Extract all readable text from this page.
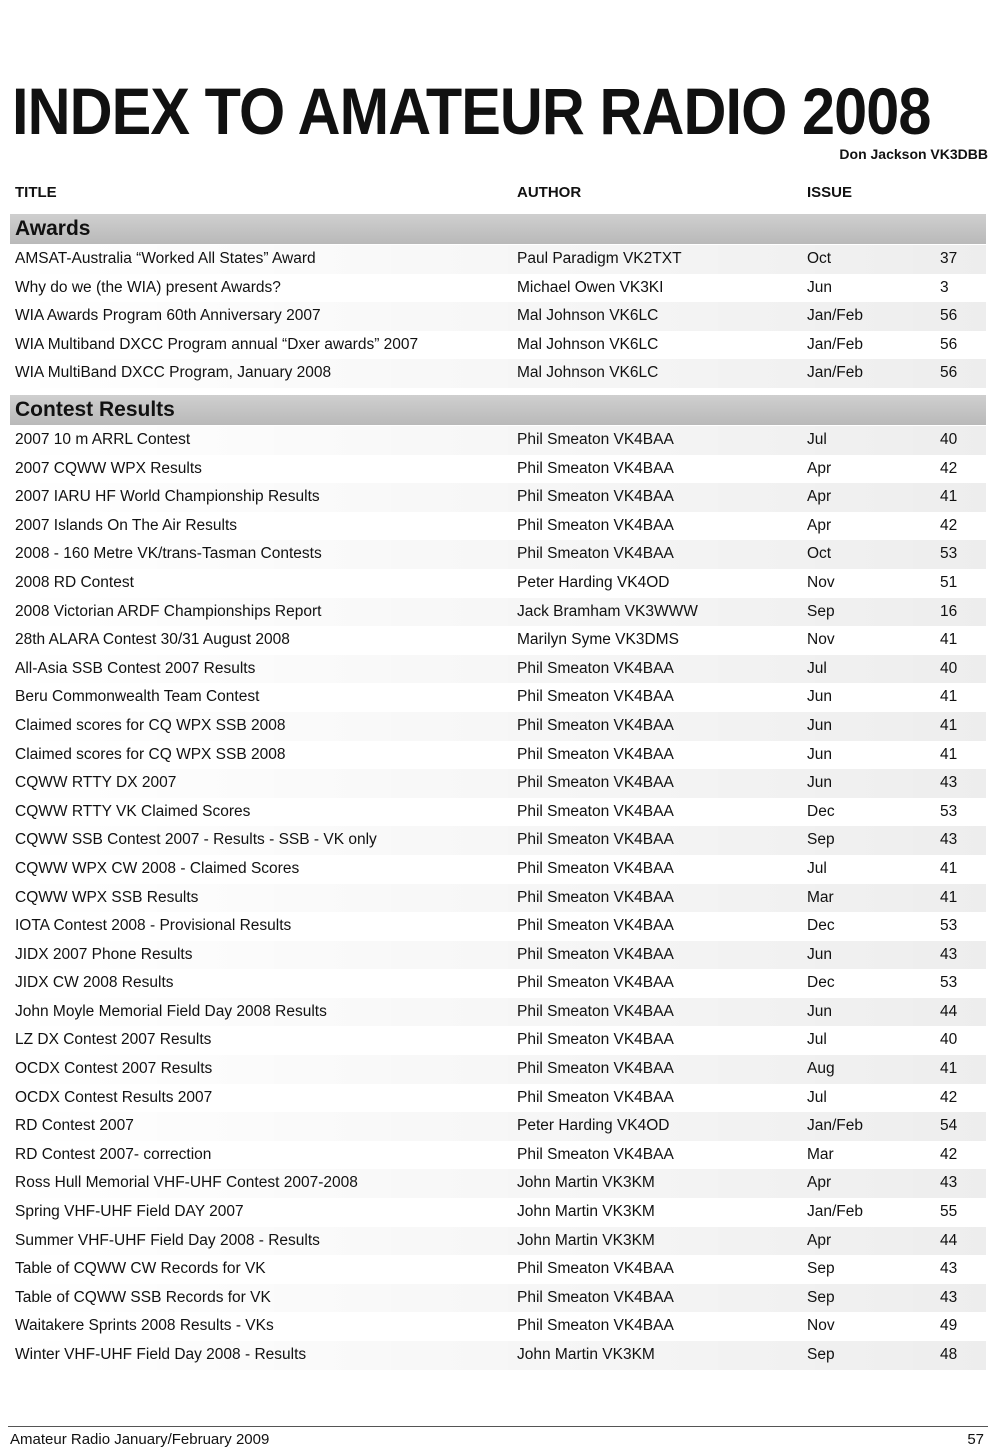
INDEX TO AMATEUR RADIO 2008
Don Jackson VK3DBB
TITLE	AUTHOR	ISSUE
Awards
AMSAT-Australia “Worked All States” Award	Paul Paradigm VK2TXT	Oct	37
Why do we (the WIA) present Awards?	Michael Owen VK3KI	Jun	3
WIA Awards Program 60th Anniversary 2007	Mal Johnson VK6LC	Jan/Feb	56
WIA Multiband DXCC Program annual “Dxer awards” 2007	Mal Johnson VK6LC	Jan/Feb	56
WIA MultiBand DXCC Program, January 2008	Mal Johnson VK6LC	Jan/Feb	56
Contest Results
2007 10 m ARRL Contest	Phil Smeaton VK4BAA	Jul	40
2007 CQWW WPX Results	Phil Smeaton VK4BAA	Apr	42
2007 IARU HF World Championship Results	Phil Smeaton VK4BAA	Apr	41
2007 Islands On The Air Results	Phil Smeaton VK4BAA	Apr	42
2008 - 160 Metre VK/trans-Tasman Contests	Phil Smeaton VK4BAA	Oct	53
2008 RD Contest	Peter Harding VK4OD	Nov	51
2008 Victorian ARDF Championships Report	Jack Bramham VK3WWW	Sep	16
28th ALARA Contest 30/31 August 2008	Marilyn Syme VK3DMS	Nov	41
All-Asia SSB Contest 2007 Results	Phil Smeaton VK4BAA	Jul	40
Beru Commonwealth Team Contest	Phil Smeaton VK4BAA	Jun	41
Claimed scores for CQ WPX SSB 2008	Phil Smeaton VK4BAA	Jun	41
Claimed scores for CQ WPX SSB 2008	Phil Smeaton VK4BAA	Jun	41
CQWW RTTY DX 2007	Phil Smeaton VK4BAA	Jun	43
CQWW RTTY VK Claimed Scores	Phil Smeaton VK4BAA	Dec	53
CQWW SSB Contest 2007 - Results - SSB - VK only	Phil Smeaton VK4BAA	Sep	43
CQWW WPX CW 2008 - Claimed Scores	Phil Smeaton VK4BAA	Jul	41
CQWW WPX SSB Results	Phil Smeaton VK4BAA	Mar	41
IOTA Contest 2008 - Provisional Results	Phil Smeaton VK4BAA	Dec	53
JIDX 2007 Phone Results	Phil Smeaton VK4BAA	Jun	43
JIDX CW 2008 Results	Phil Smeaton VK4BAA	Dec	53
John Moyle Memorial Field Day 2008 Results	Phil Smeaton VK4BAA	Jun	44
LZ DX Contest 2007 Results	Phil Smeaton VK4BAA	Jul	40
OCDX Contest 2007 Results	Phil Smeaton VK4BAA	Aug	41
OCDX Contest Results 2007	Phil Smeaton VK4BAA	Jul	42
RD Contest 2007	Peter Harding VK4OD	Jan/Feb	54
RD Contest 2007- correction	Phil Smeaton VK4BAA	Mar	42
Ross Hull Memorial VHF-UHF Contest 2007-2008	John Martin VK3KM	Apr	43
Spring VHF-UHF Field DAY 2007	John Martin VK3KM	Jan/Feb	55
Summer VHF-UHF Field Day 2008 - Results	John Martin VK3KM	Apr	44
Table of CQWW CW Records for VK	Phil Smeaton VK4BAA	Sep	43
Table of CQWW SSB Records for VK	Phil Smeaton VK4BAA	Sep	43
Waitakere Sprints 2008 Results - VKs	Phil Smeaton VK4BAA	Nov	49
Winter VHF-UHF Field Day 2008 - Results	John Martin VK3KM	Sep	48
Amateur Radio January/February 2009	57
